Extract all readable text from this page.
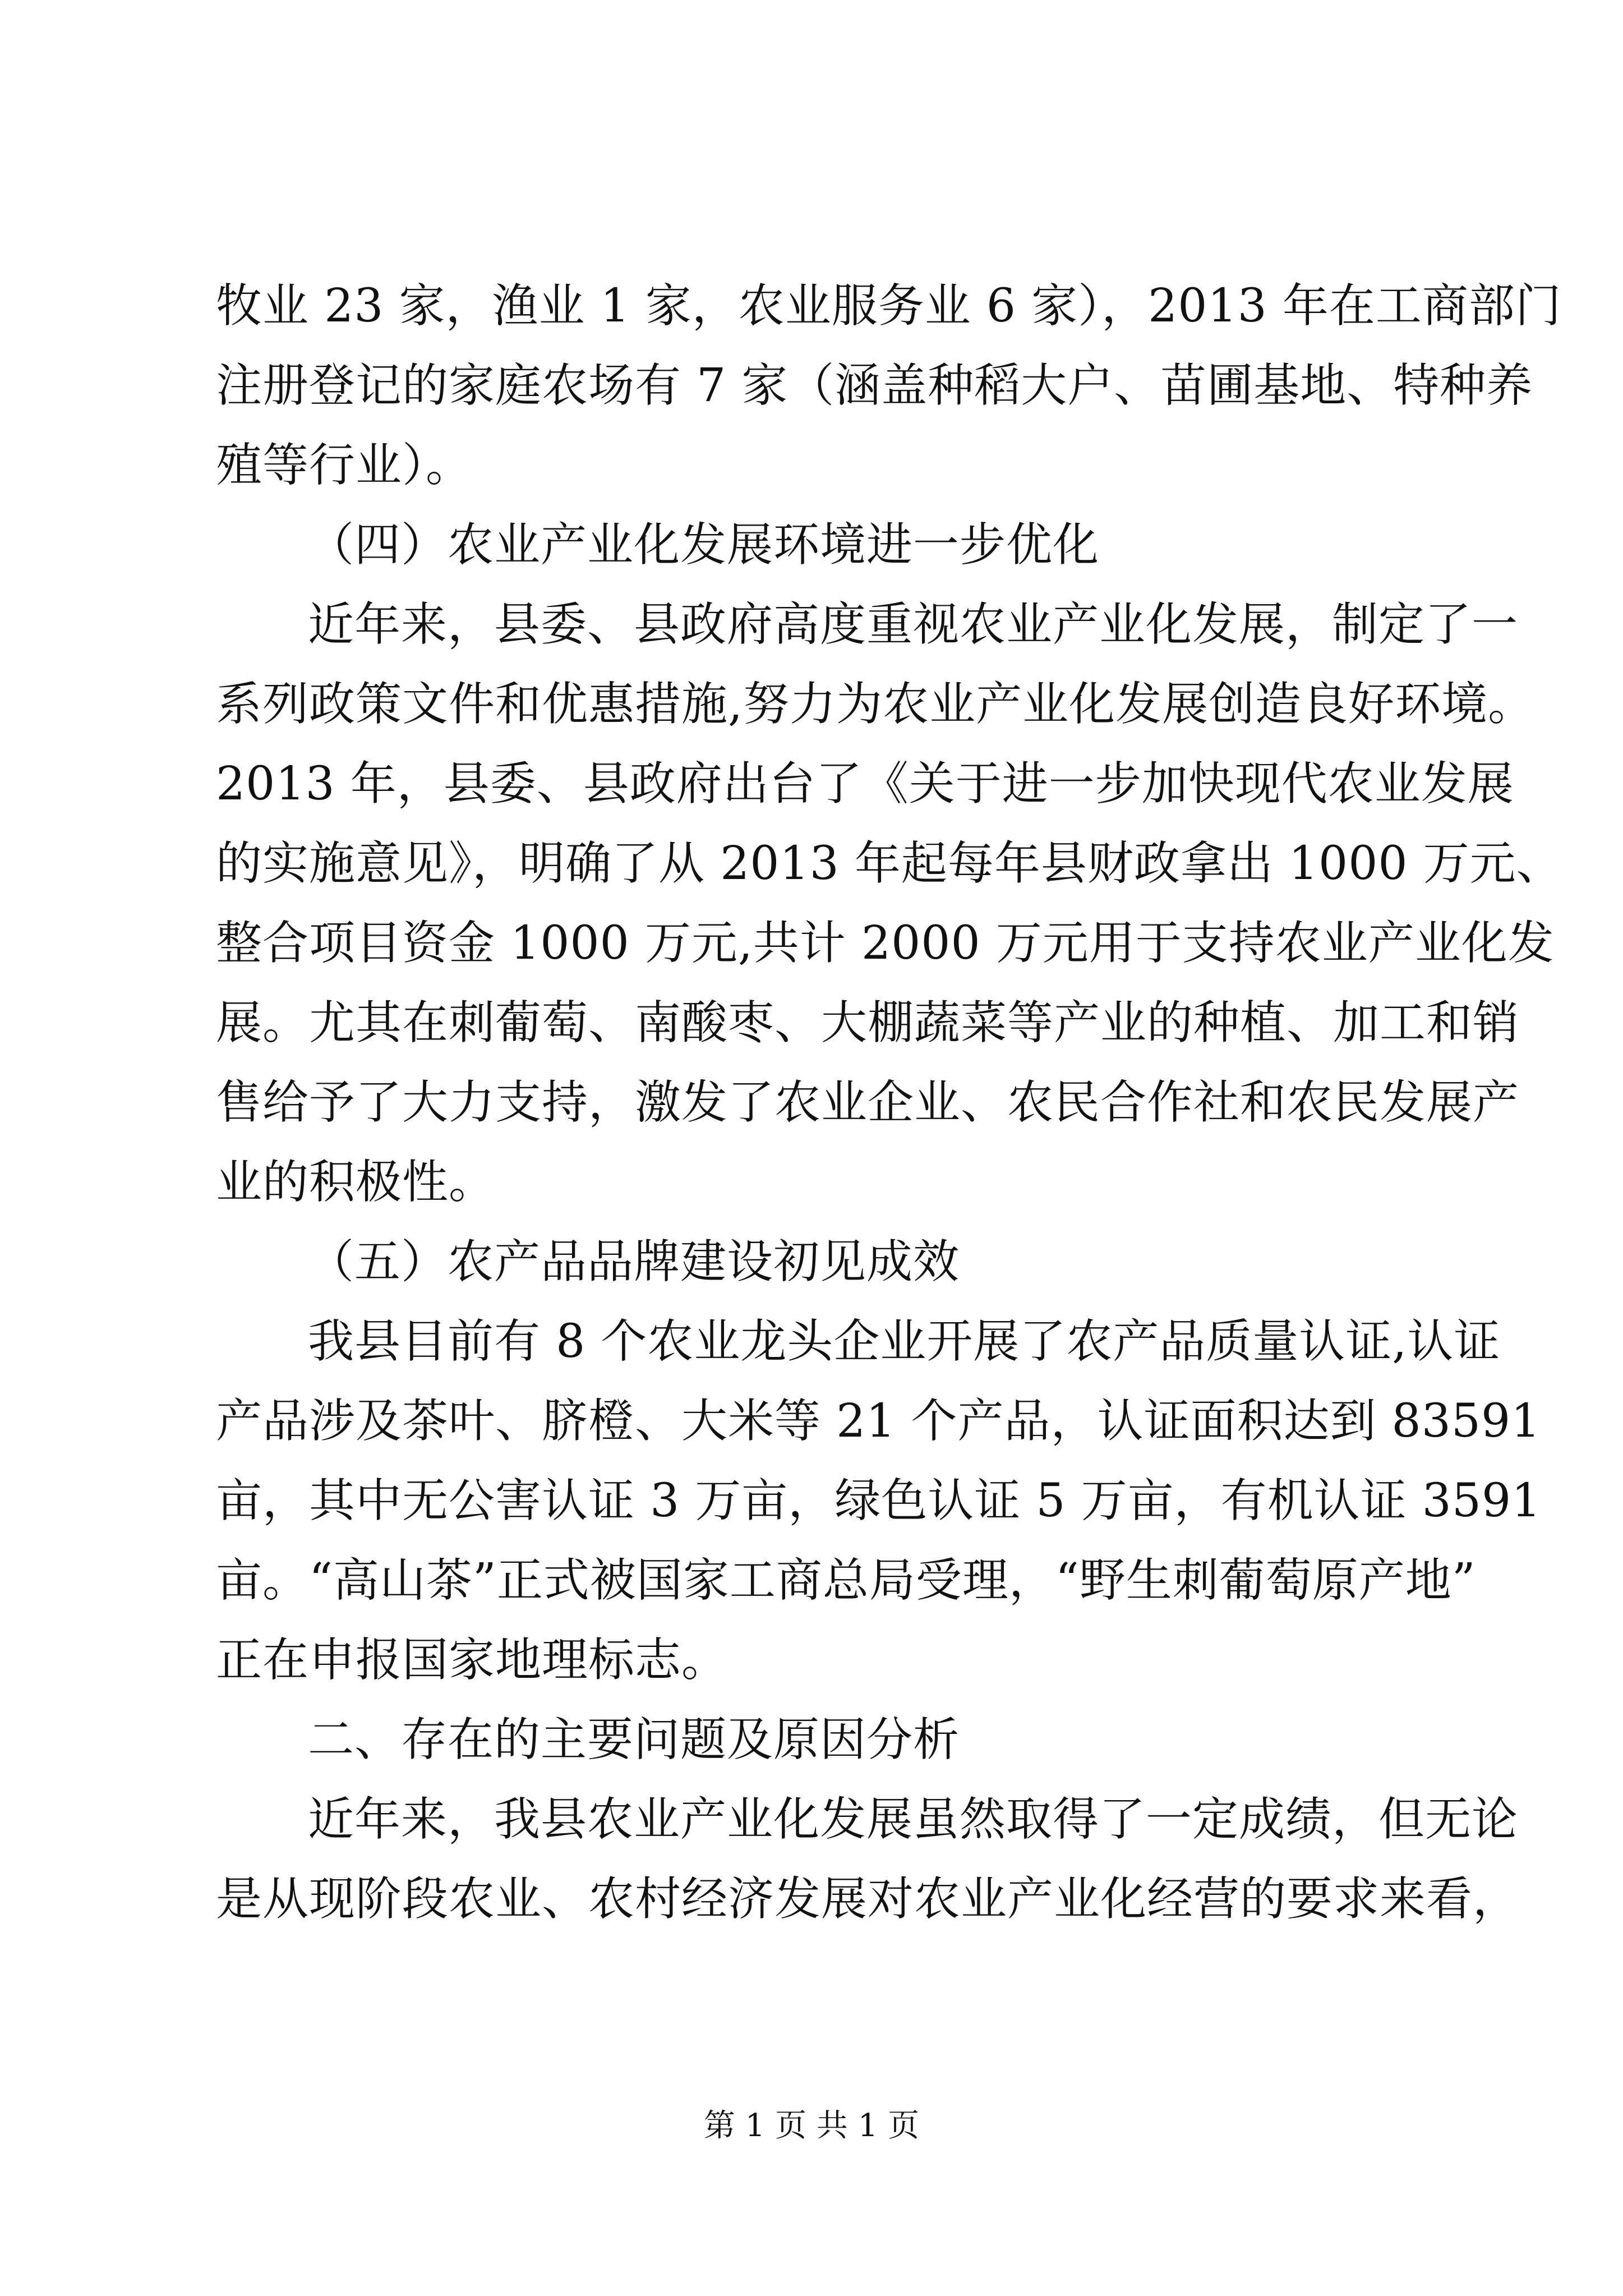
牧业 23 家，渔业 1 家，农业服务业 6 家），2013 年在工商部门
注册登记的家庭农场有 7 家（涵盖种稻大户、苗圃基地、特种养
殖等行业）。
（四）农业产业化发展环境进一步优化
近年来，县委、县政府高度重视农业产业化发展，制定了一
系列政策文件和优惠措施,努力为农业产业化发展创造良好环境。
2013 年，县委、县政府出台了《关于进一步加快现代农业发展
的实施意见》，明确了从 2013 年起每年县财政拿出 1000 万元、
整合项目资金 1000 万元,共计 2000 万元用于支持农业产业化发
展。尤其在刺葡萄、南酸枣、大棚蔬菜等产业的种植、加工和销
售给予了大力支持，激发了农业企业、农民合作社和农民发展产
业的积极性。
（五）农产品品牌建设初见成效
我县目前有 8 个农业龙头企业开展了农产品质量认证,认证
产品涉及茶叶、脐橙、大米等 21 个产品，认证面积达到 83591
亩，其中无公害认证 3 万亩，绿色认证 5 万亩，有机认证 3591
亩。“高山茶”正式被国家工商总局受理，“野生刺葡萄原产地”
正在申报国家地理标志。
二、存在的主要问题及原因分析
近年来，我县农业产业化发展虽然取得了一定成绩，但无论
是从现阶段农业、农村经济发展对农业产业化经营的要求来看，
第 1 页 共 1 页
